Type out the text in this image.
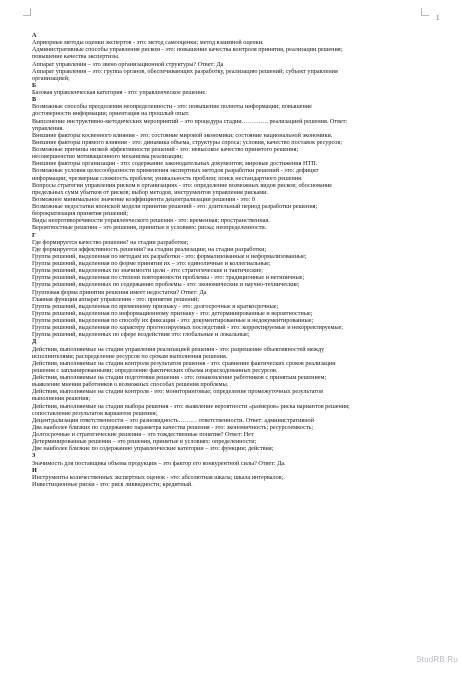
1
А
Априорные методы оценки экспертов - это: метод самооценки; метод взаимной оценки.
Административные способы управления риском - это: повышение качества контроля принятия, реализации решения;
повышение качества экспертизы.
Аппарат управления – это звено организационной структуры? Ответ: Да
Аппарат управления – это: группа органов, обеспечивающих разработку, реализацию решений; субъект управления
организацией;
Б
Базовая управленческая категория - это: управленческое решение.
В
Возможные способы преодоления неопределенности - это: повышение полноты информации; повышение
достоверности информации; ориентация на прошлый опыт.
Выполнение инструктивно-методических мероприятий – это процедура стадии…………. реализацией решения. Ответ:
управления.
Внешние факторы косвенного влияния - это: состояние мировой экономики; состояние национальной экономики.
Внешние факторы прямого влияния - это: динамика объема, структуры спроса; условия, качество поставок ресурсов;
Возможные причины низкой эффективности решений - это: невысокое качество принятого решения;
несовершенство мотивационного механизма реализации;
Внешние факторы организации - это: содержание законодательных документов; мировые достижения НТП.
Возможные условия целесообразности применения экспертных методов разработки решений - это: дефицит
информации; чрезмерная сложность проблем; уникальность проблем; поиск нестандартного решения.
Вопросы стратегии управления риском в организациях - это: определение возможных видов рисков; обоснование
предельных сумм убытков от рисков; выбор методов, инструментов управления рисками.
Возможное минимальное значение коэффициента децентрализации решения - это: 0
Возможные недостатки японской модели принятия решений - это: длительный период разработки решения;
бюрократизация принятия решений;
Виды непротиворечивости управленческого решения - это: временная; пространственная.
Вероятностные решения – это решения, принятые в условиях: риска; неопределенности.
Г
Где формируется качество решения? на стадии разработки;
Где формируется эффективность решения? на стадии реализации; на стадии разработки;
Группа решений, выделенная по методам их разработки - это: формализованные и неформализованные;
Группа решений, выделенная по форме принятия их – это: единоличные и коллегиальные;
Группа решений, выделенных по значимости цели - это: стратегические и тактические;
Группа решений, выделенная по степени повторяемости проблемы - это: традиционные и нетипичные;
Группа решений, выделенных по содержанию проблемы - это: экономические и научно-технические;
Групповая форма принятия решения имеет недостатки? Ответ: Да
Главная функция аппарат управления - это: принятие решений;
Группа решений, выделенная по временному признаку - это: долгосрочные и краткосрочные;
Группа решений, выделенная по информационному признаку - это: детерминированные и вероятностные;
Группа решений, выделенная по способу их фиксации - это: документированные и недокументированные;
Группа решений, выделенная по характеру прогнозируемых последствий - это: корректируемые и некорректируемые;
Группа решений, выделенных по сфере воздействия это: глобальные и локальные;
Д
Действия, выполняемые на стадии управления реализацией решения - это: разрешение объективностей между
исполнителями; распределение ресурсов по срокам выполнения решения.
Действия, выполняемые на стадии контроля результатов решения - это: сравнение фактических сроков реализации
решения с запланированными; определение фактических объема израсходованных ресурсов.
Действия, выполняемые на стадии подготовки решения - это: ознакомление работников с принятым решением;
выявление мнения работников о возможных способах решения проблемы.
Действия, выполняемые на стадии контроля - это: мониторинговые; определение промежуточных результатов
выполнения решения;
Действия, выполняемые на стадии выбора решения - это: выявление вероятности «размеров» риска вариантов решения;
сопоставление результатов вариантов решения;
Децентрализация ответственности – это разновидность……… ответственности. Ответ: административной
Два наиболее близких по содержанию параметра качества решения - это: экономичность; ресурсоемкость;
Долгосрочные и стратегические решения – это тождественные понятия? Ответ: Нет
Детерминированные решения – это решения, принятые в условиях: определенности;
Две наиболее близкие по содержанию управленческие категории – это: функции; действия;
З
Значимость для поставщика объема продукции – это фактор его конкурентной силы? Ответ: Да.
И
Инструменты количественных экспертных оценок - это: абсолютная шкала; шкала интервалов;.
Инвестиционные риски - это: риск ликвидности; кредитный.
StudRB.Ru
